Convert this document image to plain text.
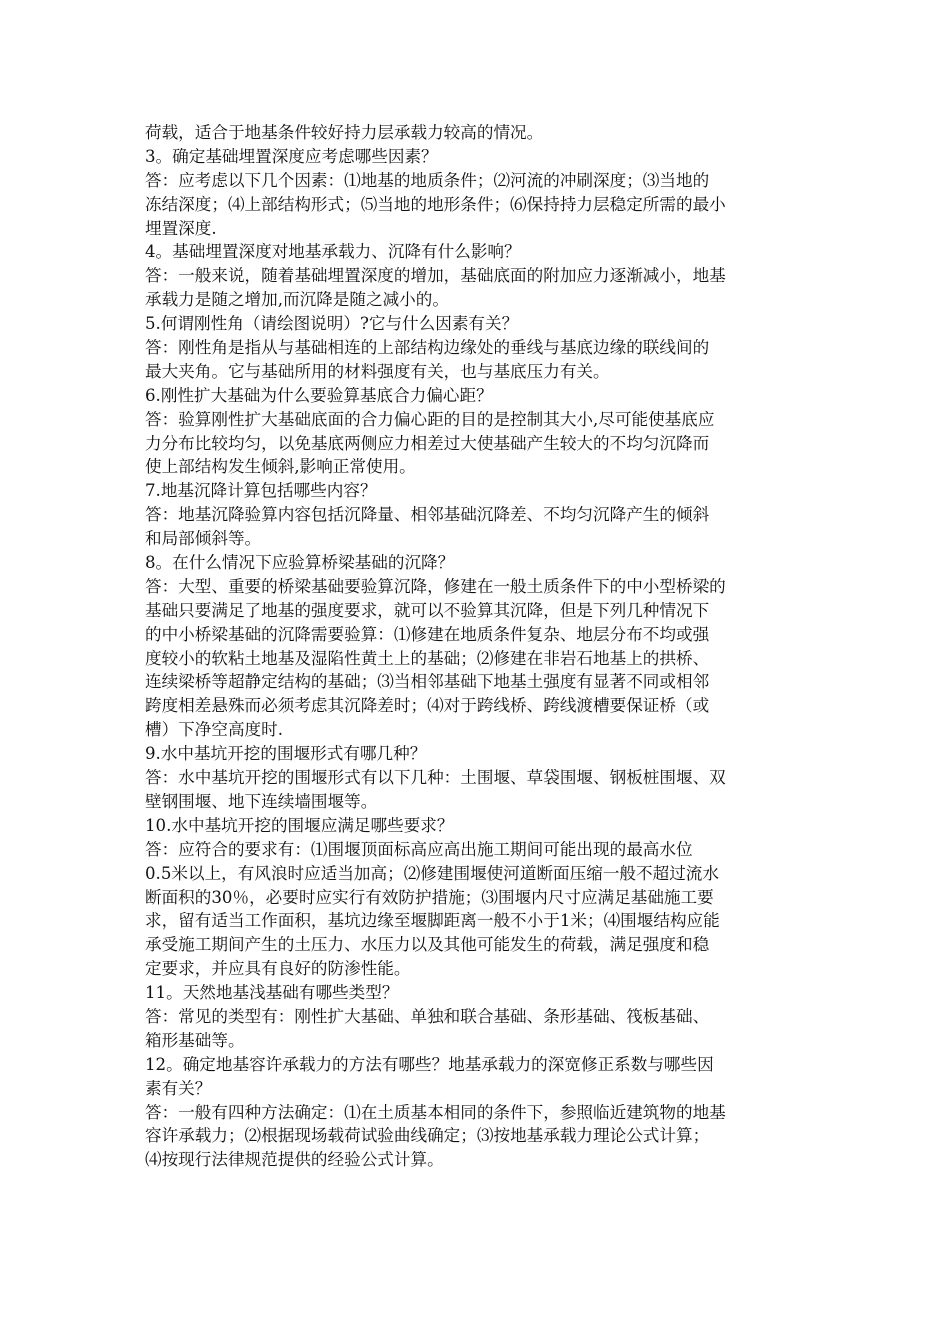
荷载，适合于地基条件较好持力层承载力较高的情况。
3。确定基础埋置深度应考虑哪些因素？
答：应考虑以下几个因素：⑴地基的地质条件；⑵河流的冲刷深度；⑶当地的
冻结深度；⑷上部结构形式；⑸当地的地形条件；⑹保持持力层稳定所需的最小
埋置深度.
4。基础埋置深度对地基承载力、沉降有什么影响？
答：一般来说，随着基础埋置深度的增加，基础底面的附加应力逐渐减小，地基
承载力是随之增加,而沉降是随之减小的。
5.何谓刚性角（请绘图说明）?它与什么因素有关？
答：刚性角是指从与基础相连的上部结构边缘处的垂线与基底边缘的联线间的
最大夹角。它与基础所用的材料强度有关，也与基底压力有关。
6.刚性扩大基础为什么要验算基底合力偏心距？
答：验算刚性扩大基础底面的合力偏心距的目的是控制其大小,尽可能使基底应
力分布比较均匀，以免基底两侧应力相差过大使基础产生较大的不均匀沉降而
使上部结构发生倾斜,影响正常使用。
7.地基沉降计算包括哪些内容？
答：地基沉降验算内容包括沉降量、相邻基础沉降差、不均匀沉降产生的倾斜
和局部倾斜等。
8。在什么情况下应验算桥梁基础的沉降？
答：大型、重要的桥梁基础要验算沉降，修建在一般土质条件下的中小型桥梁的
基础只要满足了地基的强度要求，就可以不验算其沉降，但是下列几种情况下
的中小桥梁基础的沉降需要验算：⑴修建在地质条件复杂、地层分布不均或强
度较小的软粘土地基及湿陷性黄土上的基础；⑵修建在非岩石地基上的拱桥、
连续梁桥等超静定结构的基础；⑶当相邻基础下地基土强度有显著不同或相邻
跨度相差悬殊而必须考虑其沉降差时；⑷对于跨线桥、跨线渡槽要保证桥（或
槽）下净空高度时.
9.水中基坑开挖的围堰形式有哪几种？
答：水中基坑开挖的围堰形式有以下几种：土围堰、草袋围堰、钢板桩围堰、双
壁钢围堰、地下连续墙围堰等。
10.水中基坑开挖的围堰应满足哪些要求？
答：应符合的要求有：⑴围堰顶面标高应高出施工期间可能出现的最高水位
0.5米以上，有风浪时应适当加高；⑵修建围堰使河道断面压缩一般不超过流水
断面积的30％，必要时应实行有效防护措施；⑶围堰内尺寸应满足基础施工要
求，留有适当工作面积，基坑边缘至堰脚距离一般不小于1米；⑷围堰结构应能
承受施工期间产生的土压力、水压力以及其他可能发生的荷载，满足强度和稳
定要求，并应具有良好的防渗性能。
11。天然地基浅基础有哪些类型？
答：常见的类型有：刚性扩大基础、单独和联合基础、条形基础、筏板基础、
箱形基础等。
12。确定地基容许承载力的方法有哪些？地基承载力的深宽修正系数与哪些因
素有关？
答：一般有四种方法确定：⑴在土质基本相同的条件下，参照临近建筑物的地基
容许承载力；⑵根据现场载荷试验曲线确定；⑶按地基承载力理论公式计算；
⑷按现行法律规范提供的经验公式计算。
